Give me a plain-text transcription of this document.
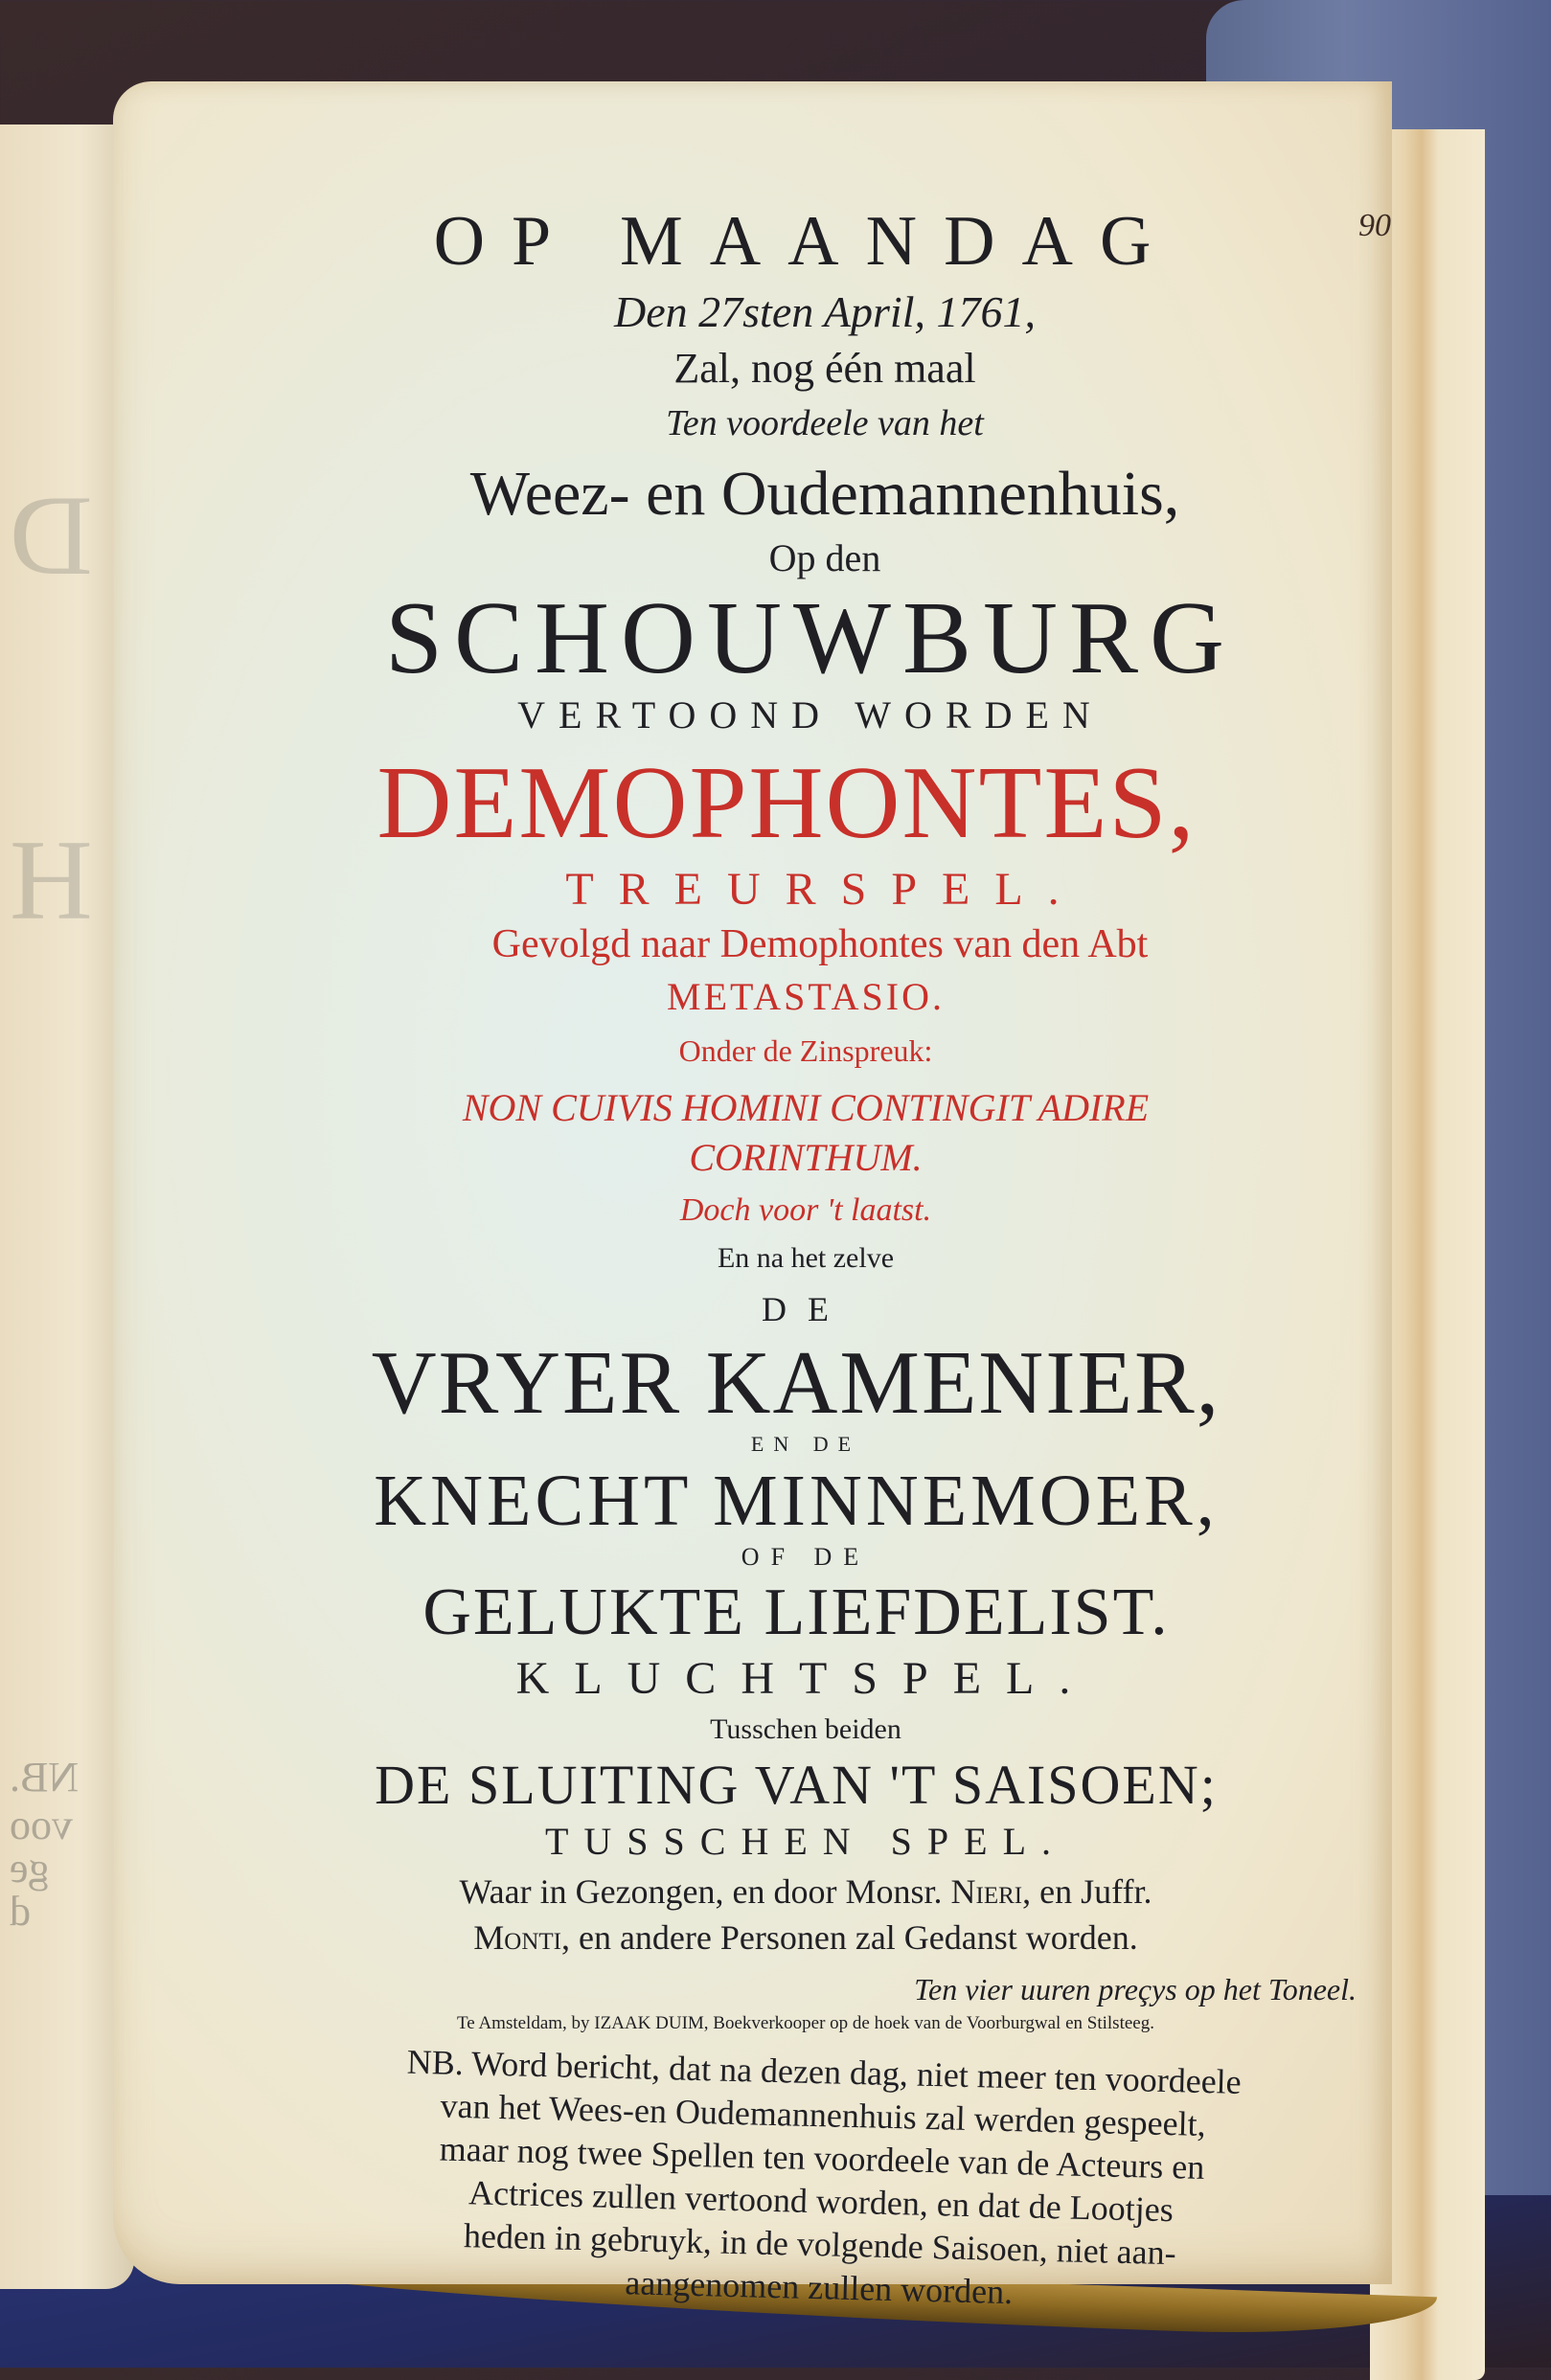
D
H
NB.
voo
ge
d
90
OP MAANDAG
Den 27sten April, 1761,
Zal, nog één maal
Ten voordeele van het
Weez- en Oudemannenhuis,
Op den
SCHOUWBURG
VERTOOND WORDEN
DEMOPHONTES,
TREURSPEL.
Gevolgd naar Demophontes van den Abt
METASTASIO.
Onder de Zinspreuk:
NON CUIVIS HOMINI CONTINGIT ADIRE
CORINTHUM.
Doch voor 't laatst.
En na het zelve
DE
VRYER KAMENIER,
EN DE
KNECHT MINNEMOER,
OF DE
GELUKTE LIEFDELIST.
KLUCHTSPEL.
Tusschen beiden
DE SLUITING VAN 'T SAISOEN;
TUSSCHEN SPEL.
Waar in Gezongen, en door Monsr. Nieri, en Juffr.
Monti, en andere Personen zal Gedanst worden.
Ten vier uuren preçys op het Toneel.
Te Amsteldam, by IZAAK DUIM, Boekverkooper op de hoek van de Voorburgwal en Stilsteeg.
NB. Word bericht, dat na dezen dag, niet meer ten voordeele
van het Wees-en Oudemannenhuis zal werden gespeelt,
maar nog twee Spellen ten voordeele van de Acteurs en
Actrices zullen vertoond worden, en dat de Lootjes
heden in gebruyk, in de volgende Saisoen, niet aan-
aangenomen zullen worden.
